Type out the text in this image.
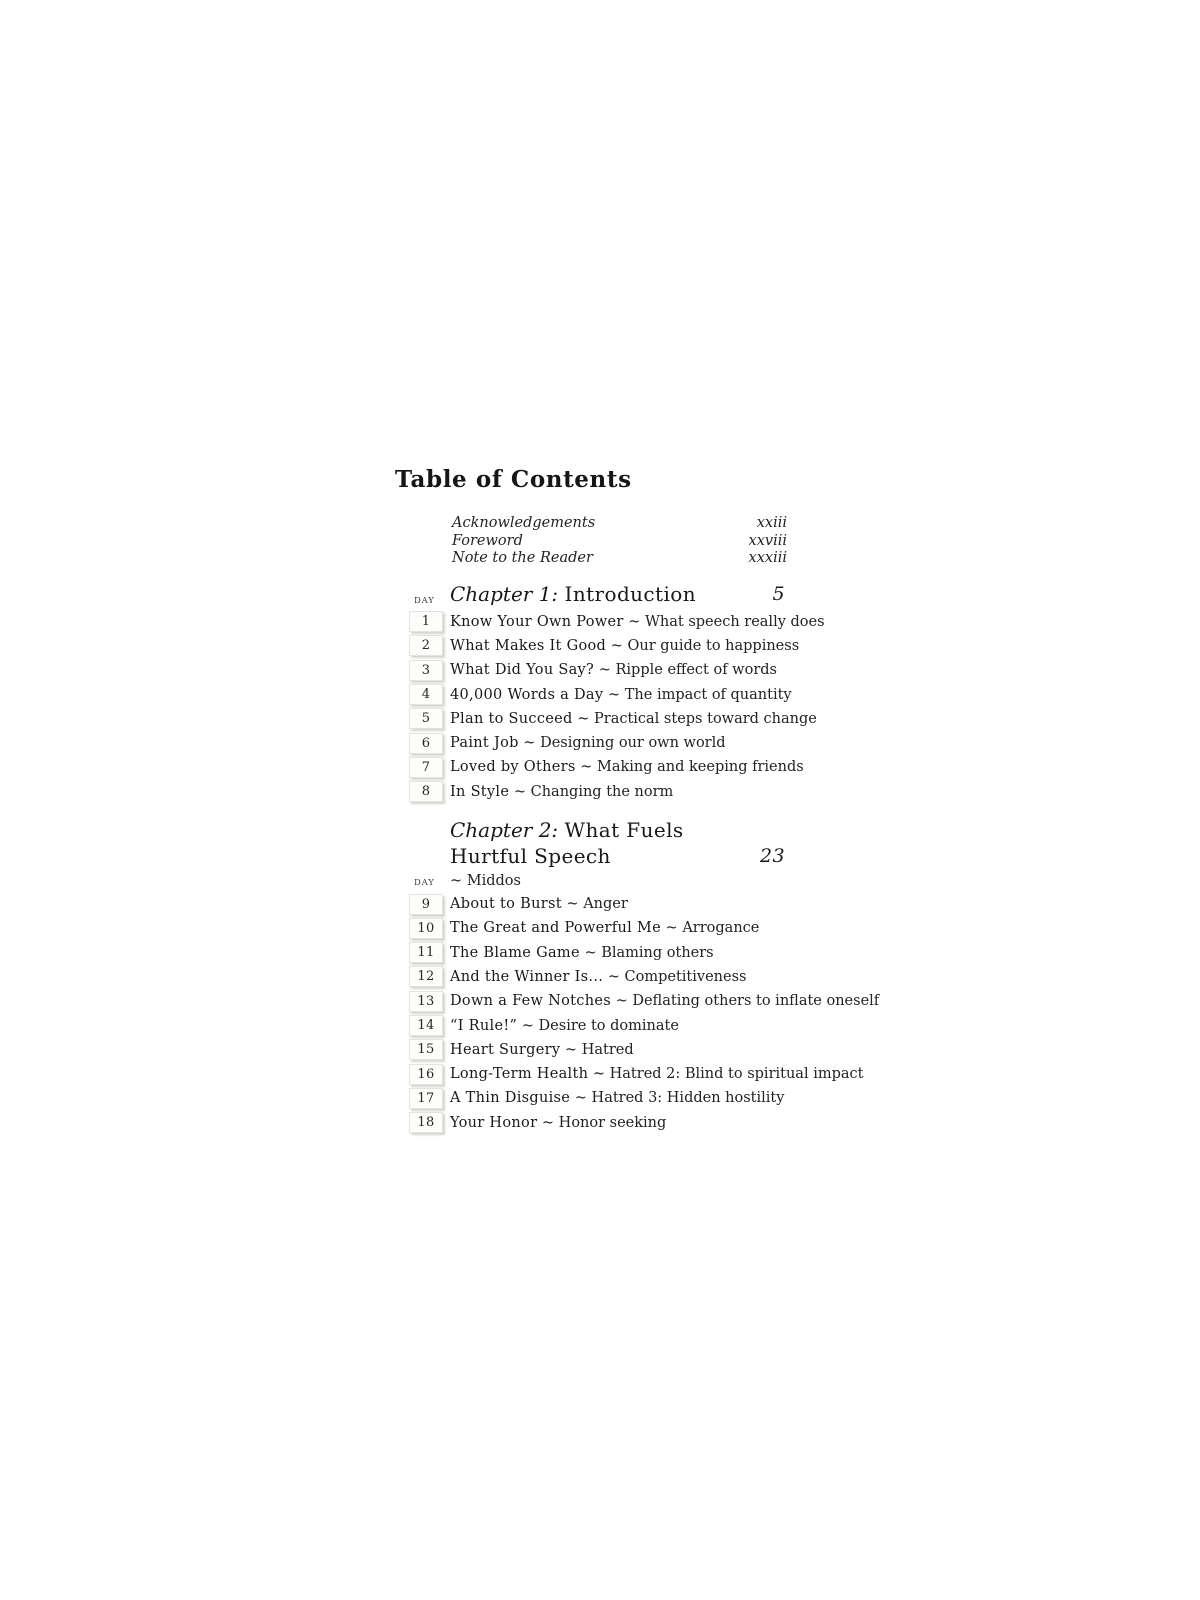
Table of Contents
Acknowledgements	xxiii
Foreword	xxviii
Note to the Reader	xxxiii
DAY Chapter 1: Introduction	5
1 Know Your Own Power ~ What speech really does
2 What Makes It Good ~ Our guide to happiness
3 What Did You Say? ~ Ripple effect of words
4 40,000 Words a Day ~ The impact of quantity
5 Plan to Succeed ~ Practical steps toward change
6 Paint Job ~ Designing our own world
7 Loved by Others ~ Making and keeping friends
8 In Style ~ Changing the norm
Chapter 2: What Fuels Hurtful Speech	23
DAY ~ Middos
9 About to Burst ~ Anger
10 The Great and Powerful Me ~ Arrogance
11 The Blame Game ~ Blaming others
12 And the Winner Is... ~ Competitiveness
13 Down a Few Notches ~ Deflating others to inflate oneself
14 “I Rule!” ~ Desire to dominate
15 Heart Surgery ~ Hatred
16 Long-Term Health ~ Hatred 2: Blind to spiritual impact
17 A Thin Disguise ~ Hatred 3: Hidden hostility
18 Your Honor ~ Honor seeking
